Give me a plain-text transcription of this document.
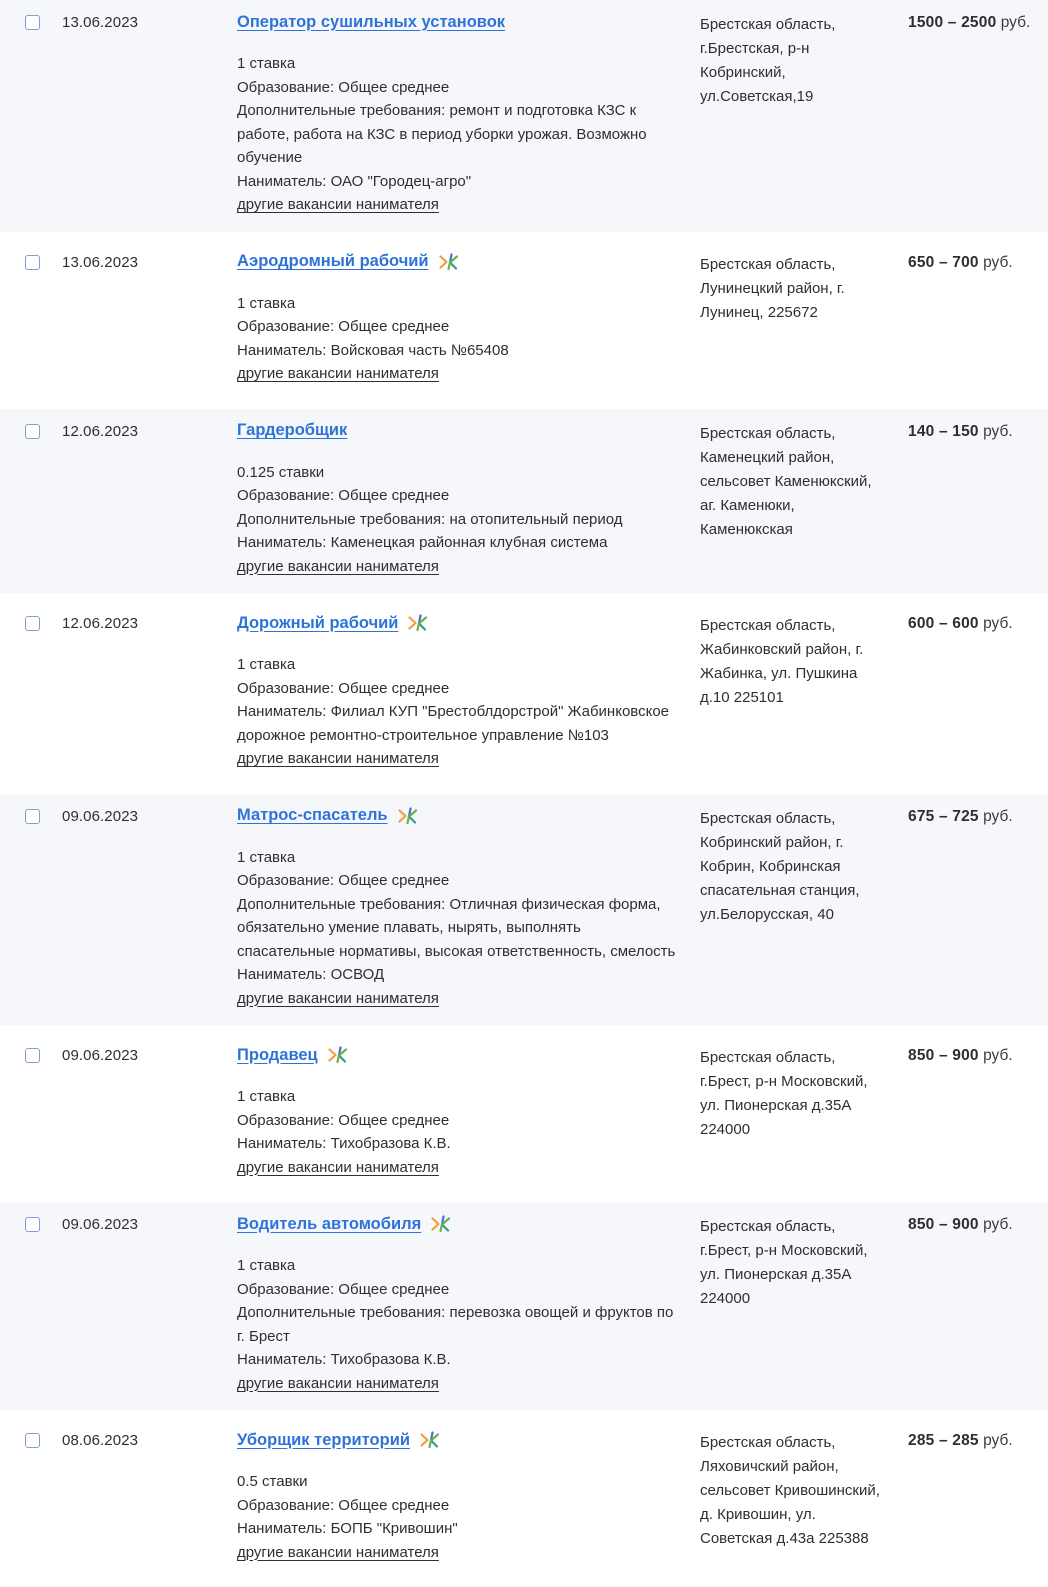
13.06.2023	Оператор сушильных установок
1 ставка
Образование: Общее среднее
Дополнительные требования: ремонт и подготовка КЗС к работе, работа на КЗС в период уборки урожая. Возможно обучение
Наниматель: ОАО "Городец-агро"
другие вакансии нанимателя
Брестская область, г.Брестская, р-н Кобринский, ул.Советская,19
1500 – 2500 руб.
13.06.2023	Аэродромный рабочий
1 ставка
Образование: Общее среднее
Наниматель: Войсковая часть №65408
другие вакансии нанимателя
Брестская область, Лунинецкий район, г. Лунинец, 225672
650 – 700 руб.
12.06.2023	Гардеробщик
0.125 ставки
Образование: Общее среднее
Дополнительные требования: на отопительный период
Наниматель: Каменецкая районная клубная система
другие вакансии нанимателя
Брестская область, Каменецкий район, сельсовет Каменюкский, аг. Каменюки, Каменюкская
140 – 150 руб.
12.06.2023	Дорожный рабочий
1 ставка
Образование: Общее среднее
Наниматель: Филиал КУП "Брестоблдорстрой" Жабинковское дорожное ремонтно-строительное управление №103
другие вакансии нанимателя
Брестская область, Жабинковский район, г. Жабинка, ул. Пушкина д.10 225101
600 – 600 руб.
09.06.2023	Матрос-спасатель
1 ставка
Образование: Общее среднее
Дополнительные требования: Отличная физическая форма, обязательно умение плавать, нырять, выполнять спасательные нормативы, высокая ответственность, смелость
Наниматель: ОСВОД
другие вакансии нанимателя
Брестская область, Кобринский район, г. Кобрин, Кобринская спасательная станция, ул.Белорусская, 40
675 – 725 руб.
09.06.2023	Продавец
1 ставка
Образование: Общее среднее
Наниматель: Тихобразова К.В.
другие вакансии нанимателя
Брестская область, г.Брест, р-н Московский, ул. Пионерская д.35А 224000
850 – 900 руб.
09.06.2023	Водитель автомобиля
1 ставка
Образование: Общее среднее
Дополнительные требования: перевозка овощей и фруктов по г. Брест
Наниматель: Тихобразова К.В.
другие вакансии нанимателя
Брестская область, г.Брест, р-н Московский, ул. Пионерская д.35А 224000
850 – 900 руб.
08.06.2023	Уборщик территорий
0.5 ставки
Образование: Общее среднее
Наниматель: БОПБ "Кривошин"
другие вакансии нанимателя
Брестская область, Ляховичский район, сельсовет Кривошинский, д. Кривошин, ул. Советская д.43а 225388
285 – 285 руб.
